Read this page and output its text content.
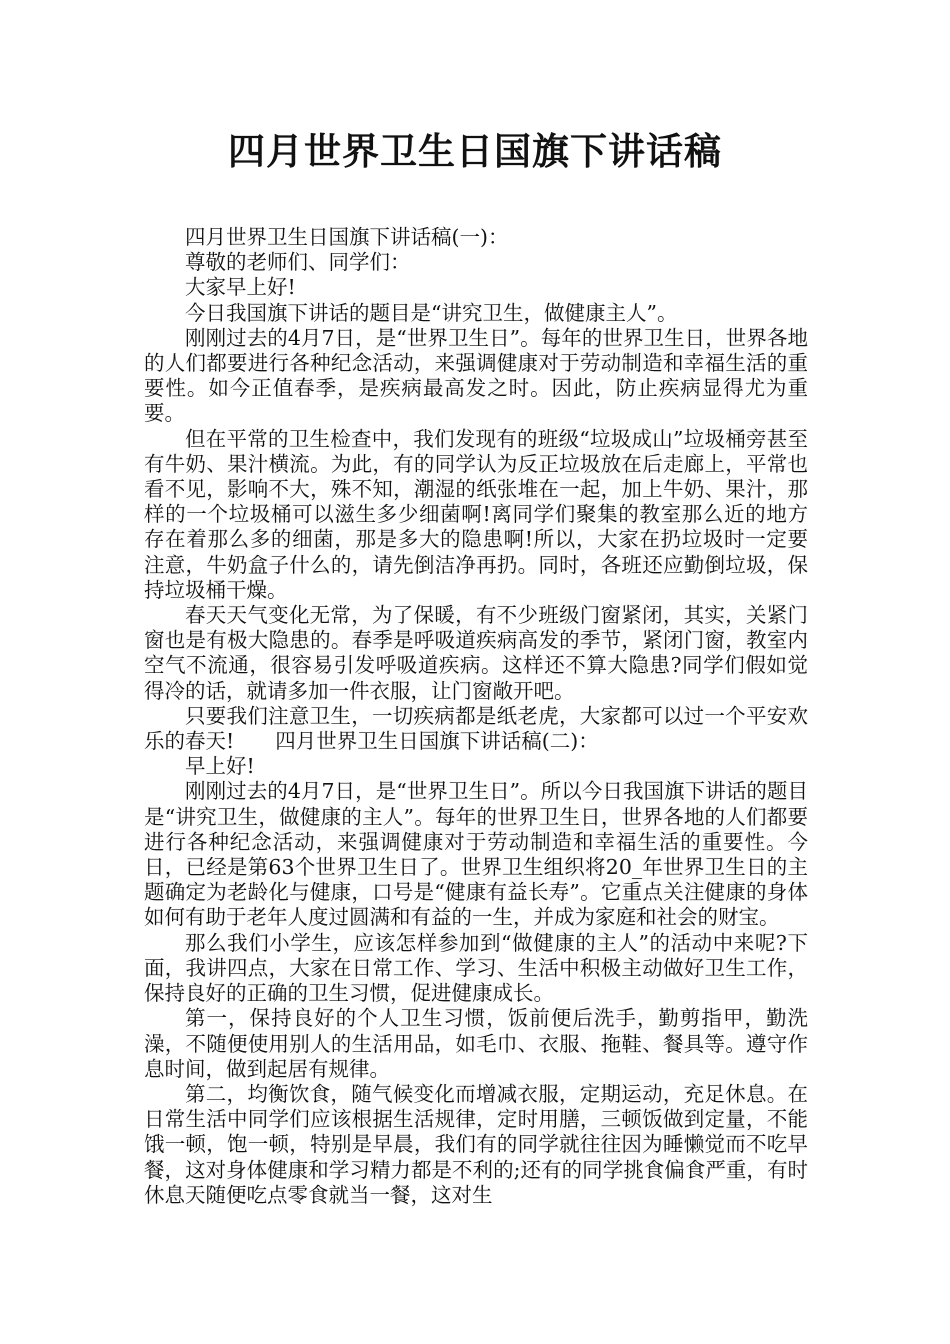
四月世界卫生日国旗下讲话稿

四月世界卫生日国旗下讲话稿(一)：

尊敬的老师们、同学们：

大家早上好!

今日我国旗下讲话的题目是“讲究卫生，做健康主人”。

刚刚过去的4月7日，是“世界卫生日”。每年的世界卫生日，世界各地的人们都要进行各种纪念活动，来强调健康对于劳动制造和幸福生活的重要性。如今正值春季，是疾病最高发之时。因此，防止疾病显得尤为重要。

但在平常的卫生检查中，我们发现有的班级“垃圾成山”垃圾桶旁甚至有牛奶、果汁横流。为此，有的同学认为反正垃圾放在后走廊上，平常也看不见，影响不大，殊不知，潮湿的纸张堆在一起，加上牛奶、果汁，那样的一个垃圾桶可以滋生多少细菌啊!离同学们聚集的教室那么近的地方存在着那么多的细菌，那是多大的隐患啊!所以，大家在扔垃圾时一定要注意，牛奶盒子什么的，请先倒洁净再扔。同时，各班还应勤倒垃圾，保持垃圾桶干燥。

春天天气变化无常，为了保暖，有不少班级门窗紧闭，其实，关紧门窗也是有极大隐患的。春季是呼吸道疾病高发的季节，紧闭门窗，教室内空气不流通，很容易引发呼吸道疾病。这样还不算大隐患?同学们假如觉得冷的话，就请多加一件衣服，让门窗敞开吧。

只要我们注意卫生，一切疾病都是纸老虎，大家都可以过一个平安欢乐的春天!　　四月世界卫生日国旗下讲话稿(二)：

早上好!

刚刚过去的4月7日，是“世界卫生日”。所以今日我国旗下讲话的题目是“讲究卫生，做健康的主人”。每年的世界卫生日，世界各地的人们都要进行各种纪念活动，来强调健康对于劳动制造和幸福生活的重要性。今日，已经是第63个世界卫生日了。世界卫生组织将20_年世界卫生日的主题确定为老龄化与健康，口号是“健康有益长寿”。它重点关注健康的身体如何有助于老年人度过圆满和有益的一生，并成为家庭和社会的财宝。

那么我们小学生，应该怎样参加到“做健康的主人”的活动中来呢?下面，我讲四点，大家在日常工作、学习、生活中积极主动做好卫生工作，保持良好的正确的卫生习惯，促进健康成长。

第一，保持良好的个人卫生习惯，饭前便后洗手，勤剪指甲，勤洗澡，不随便使用别人的生活用品，如毛巾、衣服、拖鞋、餐具等。遵守作息时间，做到起居有规律。

第二，均衡饮食，随气候变化而增减衣服，定期运动，充足休息。在日常生活中同学们应该根据生活规律，定时用膳，三顿饭做到定量，不能饿一顿，饱一顿，特别是早晨，我们有的同学就往往因为睡懒觉而不吃早餐，这对身体健康和学习精力都是不利的;还有的同学挑食偏食严重，有时休息天随便吃点零食就当一餐，这对生
